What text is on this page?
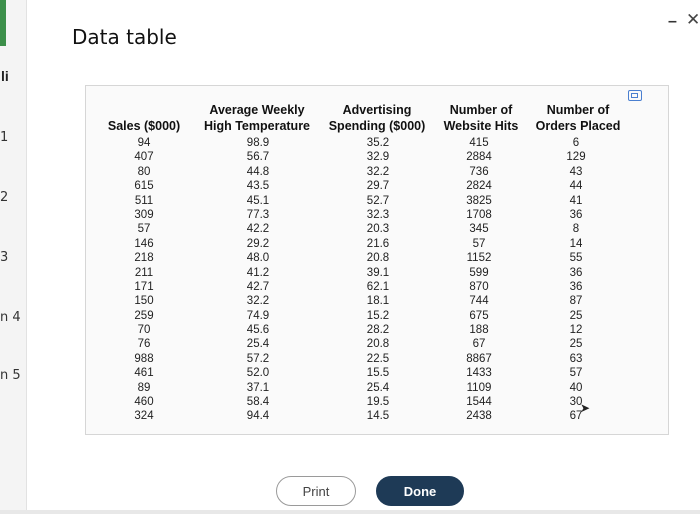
li
1
2
3
n 4
n 5
Data table
– ✕
Sales ($000)
Average Weekly
High Temperature
Advertising
Spending ($000)
Number of
Website Hits
Number of
Orders Placed
94
407
80
615
511
309
57
146
218
211
171
150
259
70
76
988
461
89
460
324
98.9
56.7
44.8
43.5
45.1
77.3
42.2
29.2
48.0
41.2
42.7
32.2
74.9
45.6
25.4
57.2
52.0
37.1
58.4
94.4
35.2
32.9
32.2
29.7
52.7
32.3
20.3
21.6
20.8
39.1
62.1
18.1
15.2
28.2
20.8
22.5
15.5
25.4
19.5
14.5
415
2884
736
2824
3825
1708
345
57
1152
599
870
744
675
188
67
8867
1433
1109
1544
2438
6
129
43
44
41
36
8
14
55
36
36
87
25
12
25
63
57
40
30
67
➤
Print	Done
